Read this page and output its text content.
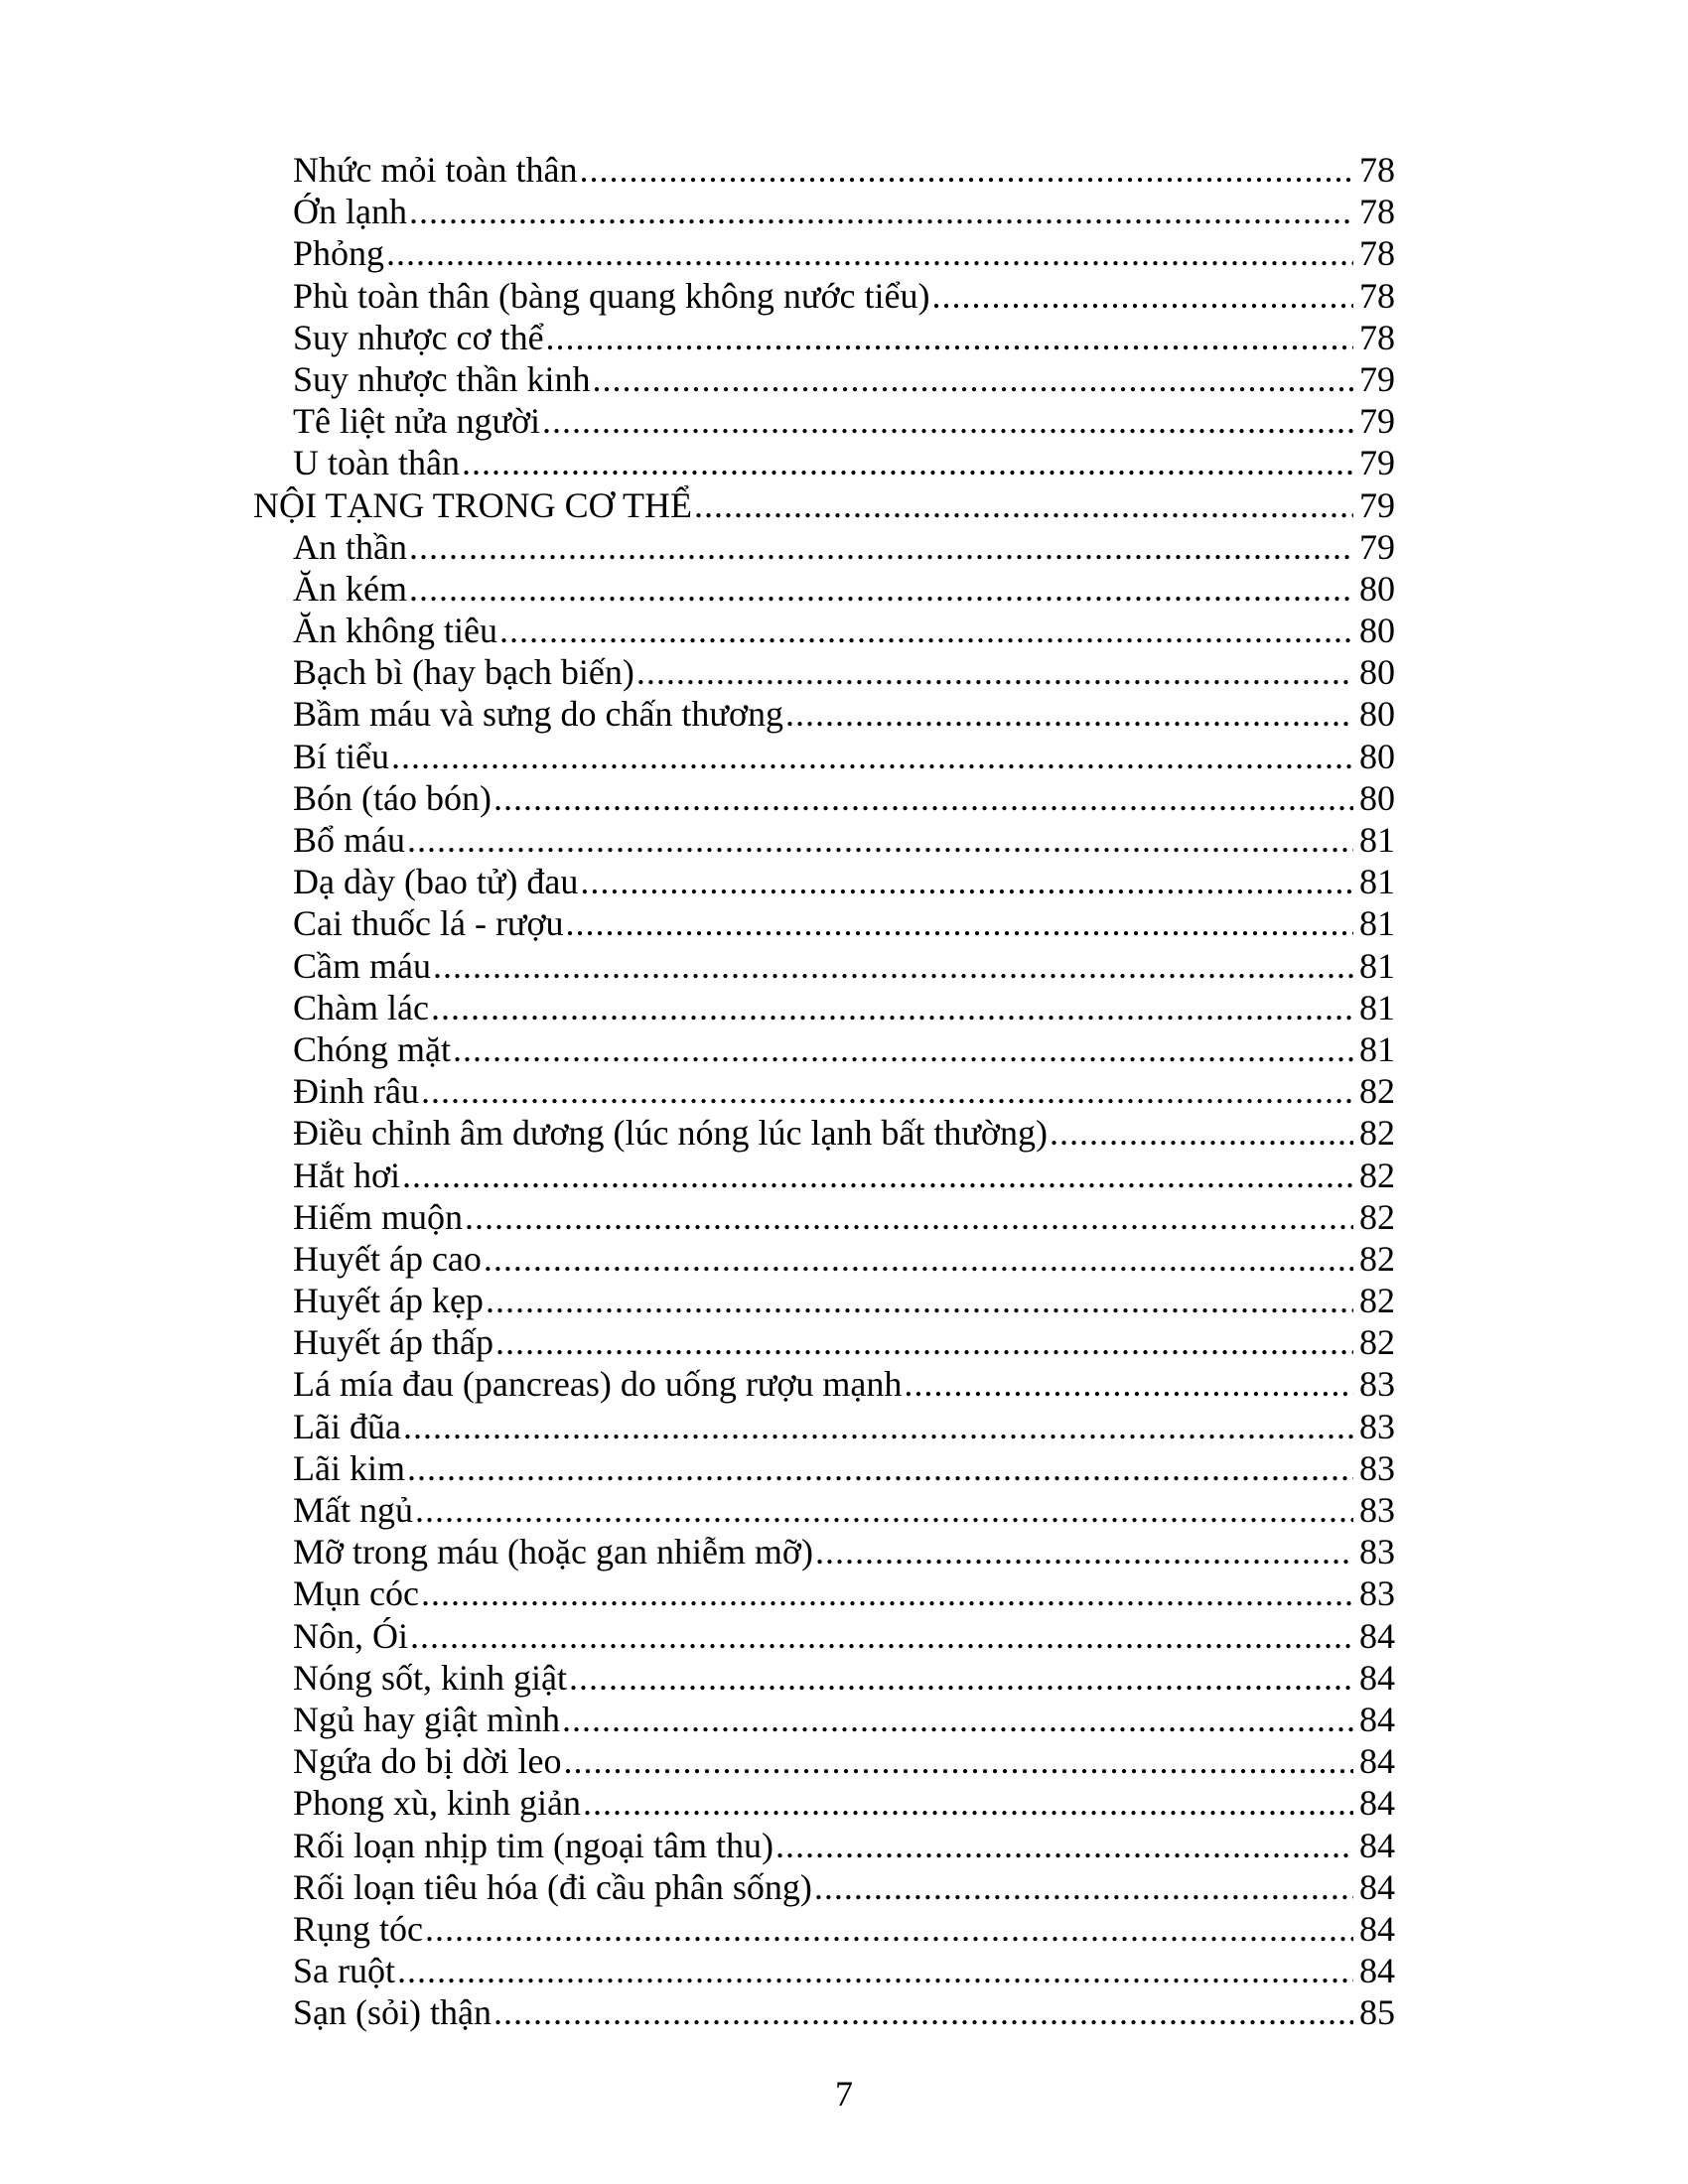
Nhức mỏi toàn thân .....	78
Ớn lạnh .....	78
Phỏng .....	78
Phù toàn thân (bàng quang không nước tiểu) .....	78
Suy nhược cơ thể .....	78
Suy nhược thần kinh .....	79
Tê liệt nửa người .....	79
U toàn thân .....	79
NỘI TẠNG TRONG CƠ THỂ .....	79
An thần .....	79
Ăn kém .....	80
Ăn không tiêu .....	80
Bạch bì (hay bạch biến) .....	80
Bầm máu và sưng do chấn thương .....	80
Bí tiểu .....	80
Bón (táo bón) .....	80
Bổ máu .....	81
Dạ dày (bao tử) đau .....	81
Cai thuốc lá - rượu .....	81
Cầm máu .....	81
Chàm lác .....	81
Chóng mặt .....	81
Đinh râu .....	82
Điều chỉnh âm dương (lúc nóng lúc lạnh bất thường) .....	82
Hắt hơi .....	82
Hiếm muộn .....	82
Huyết áp cao .....	82
Huyết áp kẹp .....	82
Huyết áp thấp .....	82
Lá mía đau (pancreas) do uống rượu mạnh .....	83
Lãi đũa .....	83
Lãi kim .....	83
Mất ngủ .....	83
Mỡ trong máu (hoặc gan nhiễm mỡ) .....	83
Mụn cóc .....	83
Nôn, Ói .....	84
Nóng sốt, kinh giật .....	84
Ngủ hay giật mình .....	84
Ngứa do bị dời leo .....	84
Phong xù, kinh giản .....	84
Rối loạn nhịp tim (ngoại tâm thu) .....	84
Rối loạn tiêu hóa (đi cầu phân sống) .....	84
Rụng tóc .....	84
Sa ruột .....	84
Sạn (sỏi) thận .....	85
7
